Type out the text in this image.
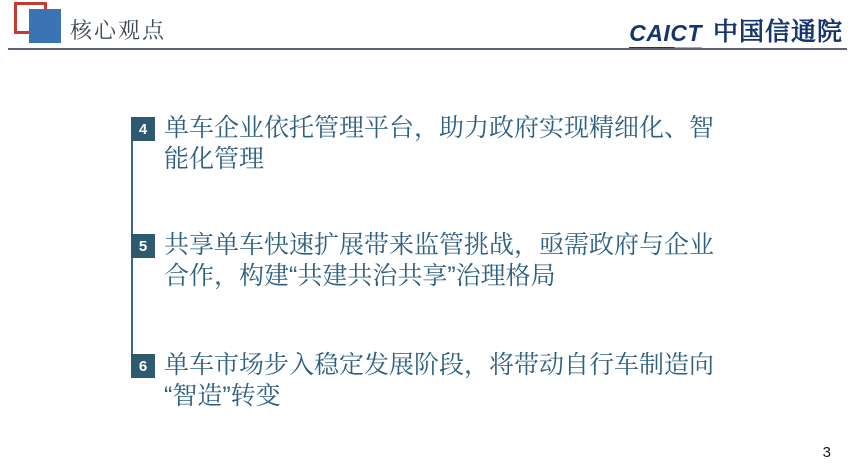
核心观点	CAICT 中国信通院
4 单车企业依托管理平台，助力政府实现精细化、智
能化管理
5 共享单车快速扩展带来监管挑战，亟需政府与企业
合作，构建“共建共治共享”治理格局
6 单车市场步入稳定发展阶段，将带动自行车制造向
“智造”转变
3
